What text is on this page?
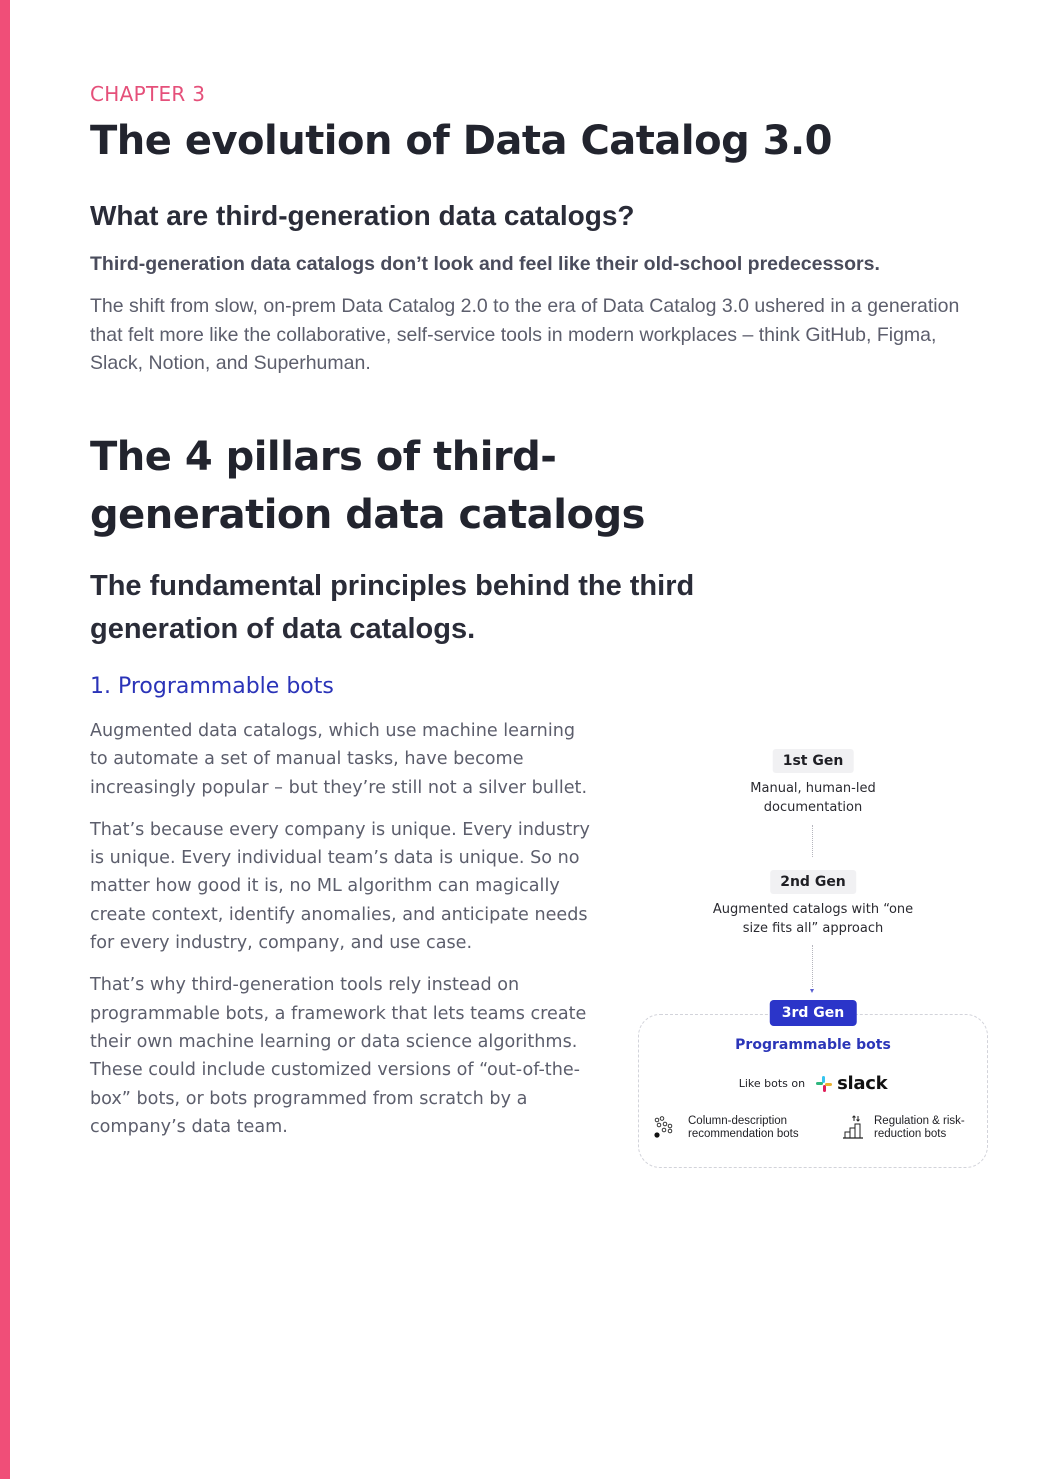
CHAPTER 3
The evolution of Data Catalog 3.0
What are third-generation data catalogs?
Third-generation data catalogs don’t look and feel like their old-school predecessors.

The shift from slow, on-prem Data Catalog 2.0 to the era of Data Catalog 3.0 ushered in a generation that felt more like the collaborative, self-service tools in modern workplaces – think GitHub, Figma, Slack, Notion, and Superhuman.

The 4 pillars of third-generation data catalogs
The fundamental principles behind the third generation of data catalogs.
1. Programmable bots

Augmented data catalogs, which use machine learning to automate a set of manual tasks, have become increasingly popular – but they’re still not a silver bullet.

That’s because every company is unique. Every industry is unique. Every individual team’s data is unique. So no matter how good it is, no ML algorithm can magically create context, identify anomalies, and anticipate needs for every industry, company, and use case.

That’s why third-generation tools rely instead on programmable bots, a framework that lets teams create their own machine learning or data science algorithms. These could include customized versions of “out-of-the-box” bots, or bots programmed from scratch by a company’s data team.

1st Gen
Manual, human-led documentation
2nd Gen
Augmented catalogs with “one size fits all” approach
3rd Gen
Programmable bots
Like bots on slack
Column-description recommendation bots
Regulation & risk-reduction bots
